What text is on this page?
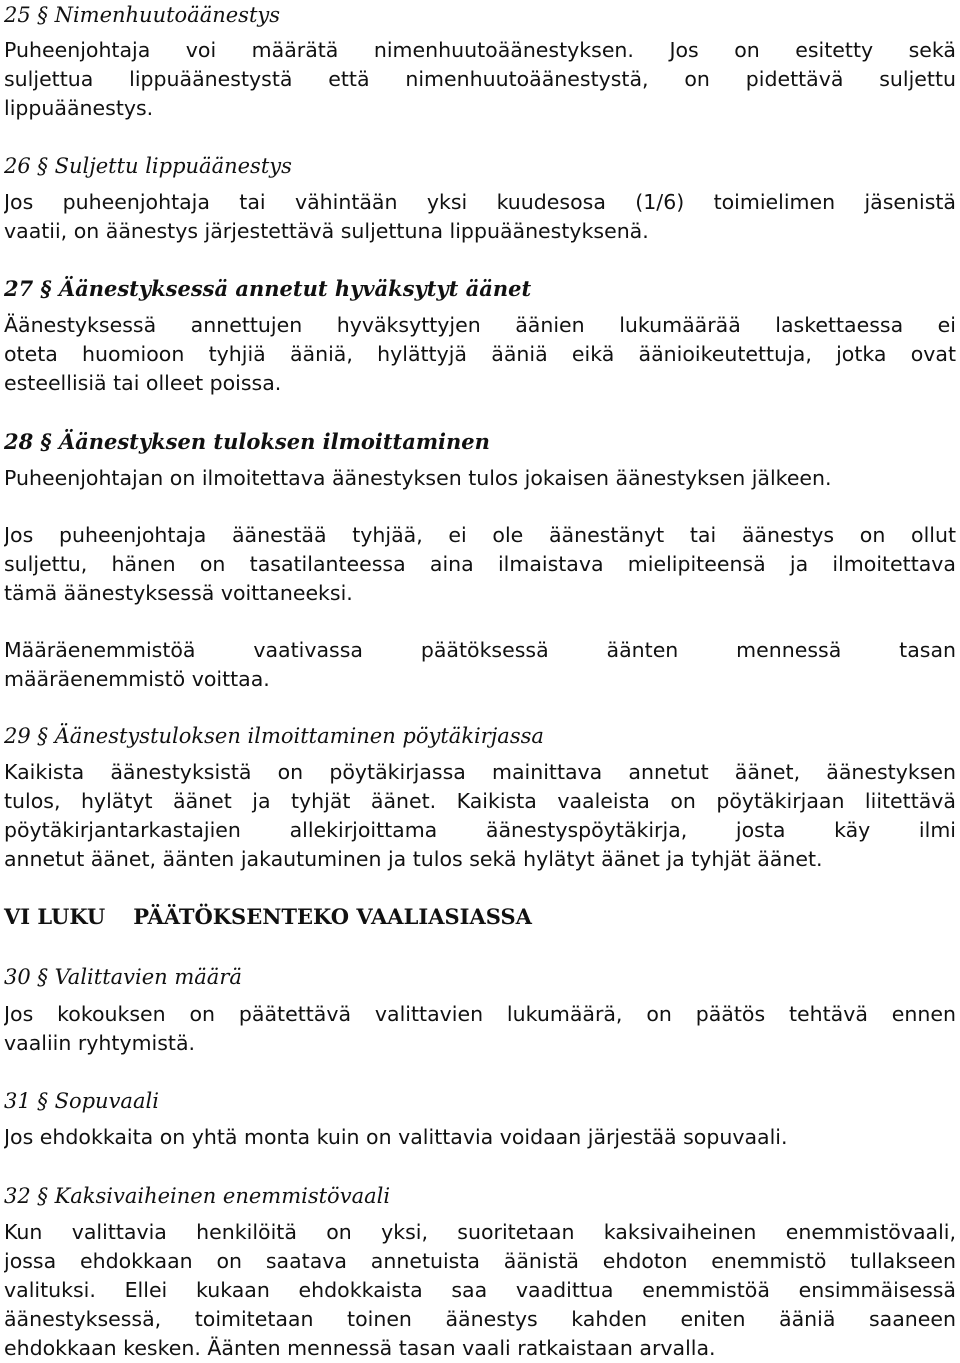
25 § Nimenhuutoäänestys

Puheenjohtaja voi määrätä nimenhuutoäänestyksen. Jos on esitetty sekä
suljettua lippuäänestystä että nimenhuutoäänestystä, on pidettävä suljettu
lippuäänestys.

26 § Suljettu lippuäänestys

Jos puheenjohtaja tai vähintään yksi kuudesosa (1/6) toimielimen jäsenistä
vaatii, on äänestys järjestettävä suljettuna lippuäänestyksenä.

27 § Äänestyksessä annetut hyväksytyt äänet

Äänestyksessä annettujen hyväksyttyjen äänien lukumäärää laskettaessa ei
oteta huomioon tyhjiä ääniä, hylättyjä ääniä eikä äänioikeutettuja, jotka ovat
esteellisiä tai olleet poissa.

28 § Äänestyksen tuloksen ilmoittaminen

Puheenjohtajan on ilmoitettava äänestyksen tulos jokaisen äänestyksen jälkeen.

Jos puheenjohtaja äänestää tyhjää, ei ole äänestänyt tai äänestys on ollut
suljettu, hänen on tasatilanteessa aina ilmaistava mielipiteensä ja ilmoitettava
tämä äänestyksessä voittaneeksi.

Määräenemmistöä vaativassa päätöksessä äänten mennessä tasan
määräenemmistö voittaa.

29 § Äänestystuloksen ilmoittaminen pöytäkirjassa

Kaikista äänestyksistä on pöytäkirjassa mainittava annetut äänet, äänestyksen
tulos, hylätyt äänet ja tyhjät äänet. Kaikista vaaleista on pöytäkirjaan liitettävä
pöytäkirjantarkastajien allekirjoittama äänestyspöytäkirja, josta käy ilmi
annetut äänet, äänten jakautuminen ja tulos sekä hylätyt äänet ja tyhjät äänet.

VI LUKU PÄÄTÖKSENTEKO VAALIASIASSA
30 § Valittavien määrä

Jos kokouksen on päätettävä valittavien lukumäärä, on päätös tehtävä ennen
vaaliin ryhtymistä.

31 § Sopuvaali

Jos ehdokkaita on yhtä monta kuin on valittavia voidaan järjestää sopuvaali.

32 § Kaksivaiheinen enemmistövaali

Kun valittavia henkilöitä on yksi, suoritetaan kaksivaiheinen enemmistövaali,
jossa ehdokkaan on saatava annetuista äänistä ehdoton enemmistö tullakseen
valituksi. Ellei kukaan ehdokkaista saa vaadittua enemmistöä ensimmäisessä
äänestyksessä, toimitetaan toinen äänestys kahden eniten ääniä saaneen
ehdokkaan kesken. Äänten mennessä tasan vaali ratkaistaan arvalla.
